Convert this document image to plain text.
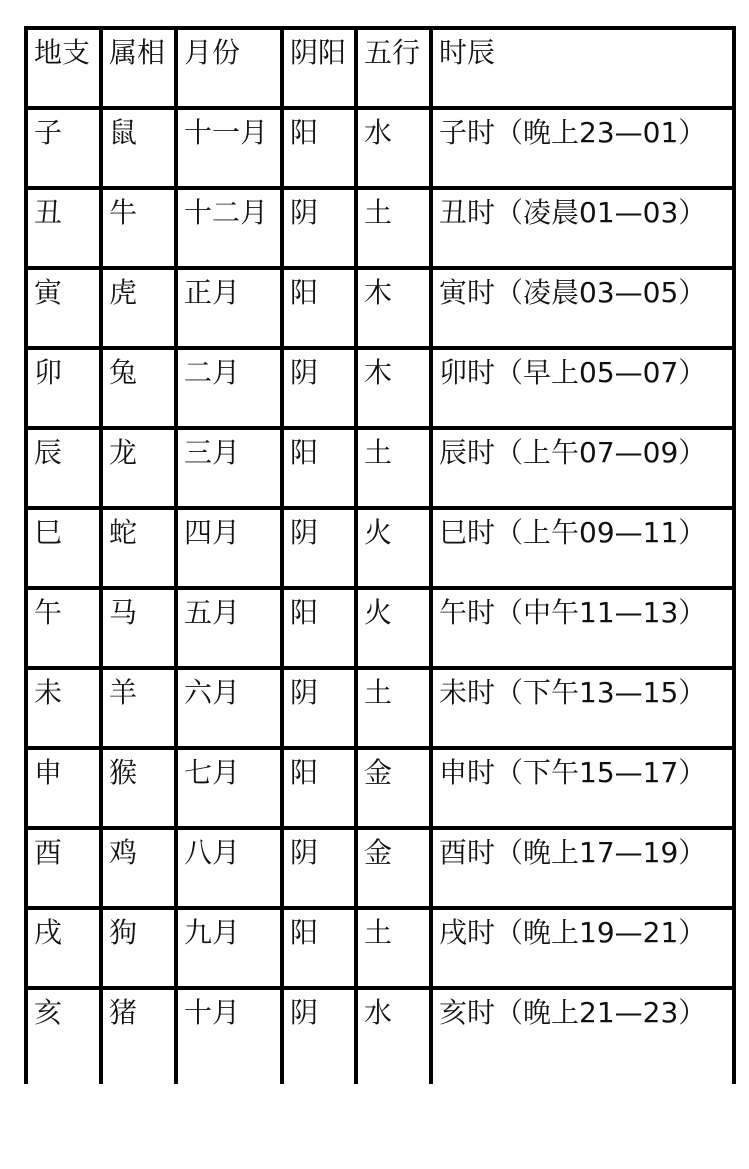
地支	属相	月份	阴阳	五行	时辰
子	鼠	十一月	阳	水	子时（晚上23—01）
丑	牛	十二月	阴	土	丑时（凌晨01—03）
寅	虎	正月	阳	木	寅时（凌晨03—05）
卯	兔	二月	阴	木	卯时（早上05—07）
辰	龙	三月	阳	土	辰时（上午07—09）
巳	蛇	四月	阴	火	巳时（上午09—11）
午	马	五月	阳	火	午时（中午11—13）
未	羊	六月	阴	土	未时（下午13—15）
申	猴	七月	阳	金	申时（下午15—17）
酉	鸡	八月	阴	金	酉时（晚上17—19）
戌	狗	九月	阳	土	戌时（晚上19—21）
亥	猪	十月	阴	水	亥时（晚上21—23）
